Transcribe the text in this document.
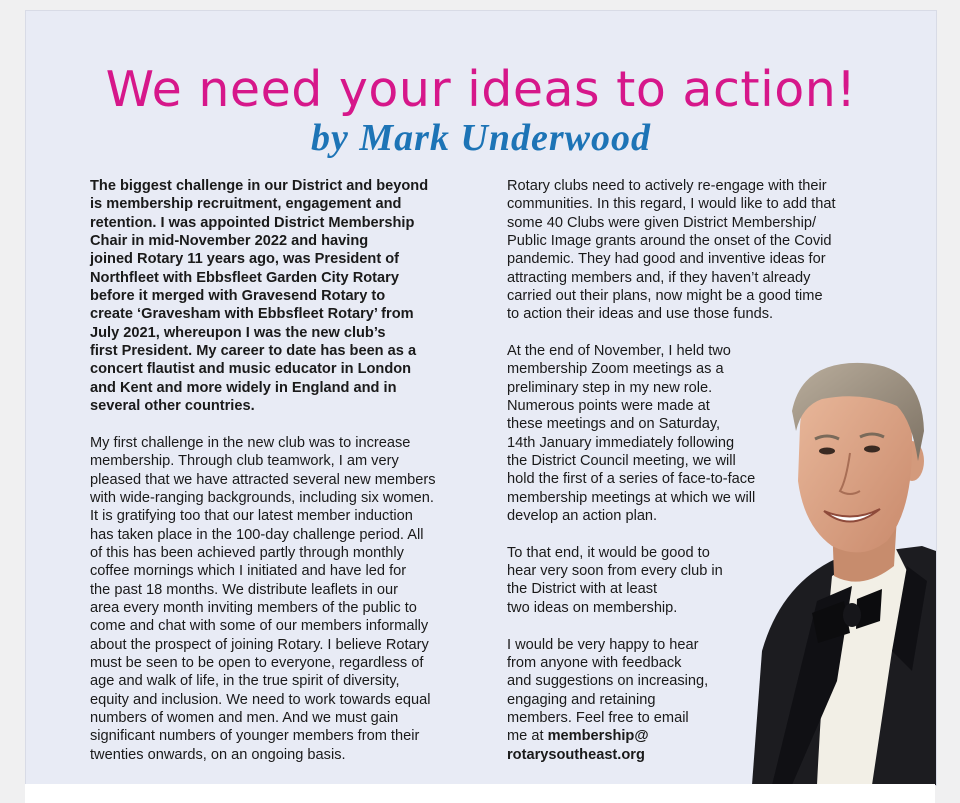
We need your ideas to action!
by Mark Underwood

The biggest challenge in our District and beyond

is membership recruitment, engagement and

retention. I was appointed District Membership

Chair in mid-November 2022 and having

joined Rotary 11 years ago, was President of

Northfleet with Ebbsfleet Garden City Rotary

before it merged with Gravesend Rotary to

create ‘Gravesham with Ebbsfleet Rotary’ from

July 2021, whereupon I was the new club’s

first President. My career to date has been as a

concert flautist and music educator in London

and Kent and more widely in England and in

several other countries.

My first challenge in the new club was to increase

membership. Through club teamwork, I am very

pleased that we have attracted several new members

with wide-ranging backgrounds, including six women.

It is gratifying too that our latest member induction

has taken place in the 100-day challenge period. All

of this has been achieved partly through monthly

coffee mornings which I initiated and have led for

the past 18 months. We distribute leaflets in our

area every month inviting members of the public to

come and chat with some of our members informally

about the prospect of joining Rotary. I believe Rotary

must be seen to be open to everyone, regardless of

age and walk of life, in the true spirit of diversity,

equity and inclusion. We need to work towards equal

numbers of women and men. And we must gain

significant numbers of younger members from their

twenties onwards, on an ongoing basis.

Rotary clubs need to actively re-engage with their

communities. In this regard, I would like to add that

some 40 Clubs were given District Membership/

Public Image grants around the onset of the Covid

pandemic. They had good and inventive ideas for

attracting members and, if they haven’t already

carried out their plans, now might be a good time

to action their ideas and use those funds.

At the end of November, I held two

membership Zoom meetings as a

preliminary step in my new role.

Numerous points were made at

these meetings and on Saturday,

14th January immediately following

the District Council meeting, we will

hold the first of a series of face-to-face

membership meetings at which we will

develop an action plan.

To that end, it would be good to

hear very soon from every club in

the District with at least

two ideas on membership.

I would be very happy to hear

from anyone with feedback

and suggestions on increasing,

engaging and retaining

members. Feel free to email

me at membership@

rotarysoutheast.org
